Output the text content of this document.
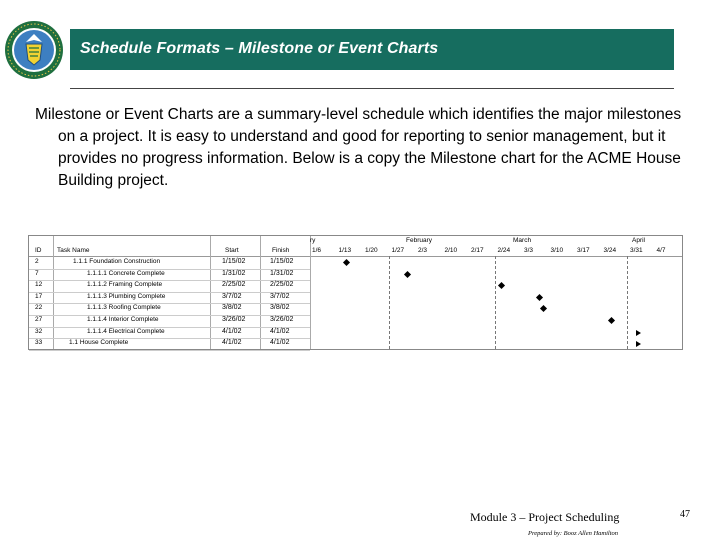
Schedule Formats – Milestone or Event Charts

Milestone or Event Charts are a summary-level schedule which identifies the major milestones on a project. It is easy to understand and good for reporting to senior management, but it provides no progress information. Below is a copy the Milestone chart for the ACME House Building project.

ID Task Name	Start	Finish
ry	February	March	April
1/6	1/13 1/20 1/27 2/3	2/10 2/17 2/24 3/3	3/10 3/17 3/24 3/31 4/7
2	1.1.1 Foundation Construction	1/15/02	1/15/02
7	1.1.1.1 Concrete Complete	1/31/02	1/31/02
12	1.1.1.2 Framing Complete	2/25/02	2/25/02
17	1.1.1.3 Plumbing Complete	3/7/02	3/7/02
22	1.1.1.3 Roofing Complete	3/8/02	3/8/02
27	1.1.1.4 Interior Complete	3/26/02	3/26/02
32	1.1.1.4 Electrical Complete	4/1/02	4/1/02
33	1.1 House Complete	4/1/02	4/1/02
Module 3 – Project Scheduling
Prepared by: Booz Allen Hamilton
47
